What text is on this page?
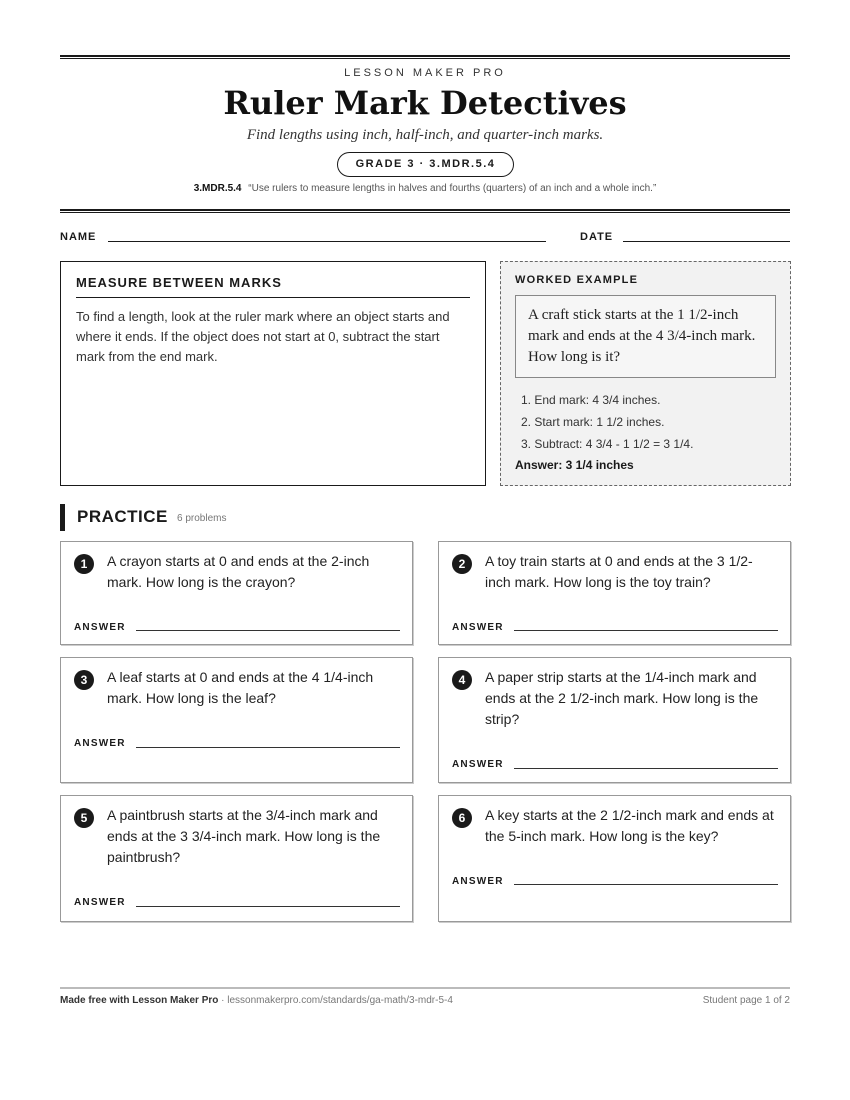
LESSON MAKER PRO
Ruler Mark Detectives
Find lengths using inch, half-inch, and quarter-inch marks.
GRADE 3 · 3.MDR.5.4
3.MDR.5.4 “Use rulers to measure lengths in halves and fourths (quarters) of an inch and a whole inch.”
NAME	DATE
MEASURE BETWEEN MARKS

To find a length, look at the ruler mark where an object starts and where it ends. If the object does not start at 0, subtract the start mark from the end mark.

WORKED EXAMPLE
A craft stick starts at the 1 1/2-inch mark and ends at the 4 3/4-inch mark. How long is it?
1. End mark: 4 3/4 inches.
2. Start mark: 1 1/2 inches.
3. Subtract: 4 3/4 - 1 1/2 = 3 1/4.
Answer: 3 1/4 inches
PRACTICE 6 problems
1	A crayon starts at 0 and ends at the 2-inch mark. How long is the crayon?
ANSWER
2	A toy train starts at 0 and ends at the 3 1/2-inch mark. How long is the toy train?
ANSWER
3	A leaf starts at 0 and ends at the 4 1/4-inch mark. How long is the leaf?
ANSWER
4	A paper strip starts at the 1/4-inch mark and ends at the 2 1/2-inch mark. How long is the strip?
ANSWER
5	A paintbrush starts at the 3/4-inch mark and ends at the 3 3/4-inch mark. How long is the paintbrush?
ANSWER
6	A key starts at the 2 1/2-inch mark and ends at the 5-inch mark. How long is the key?
ANSWER
Made free with Lesson Maker Pro · lessonmakerpro.com/standards/ga-math/3-mdr-5-4	Student page 1 of 2
